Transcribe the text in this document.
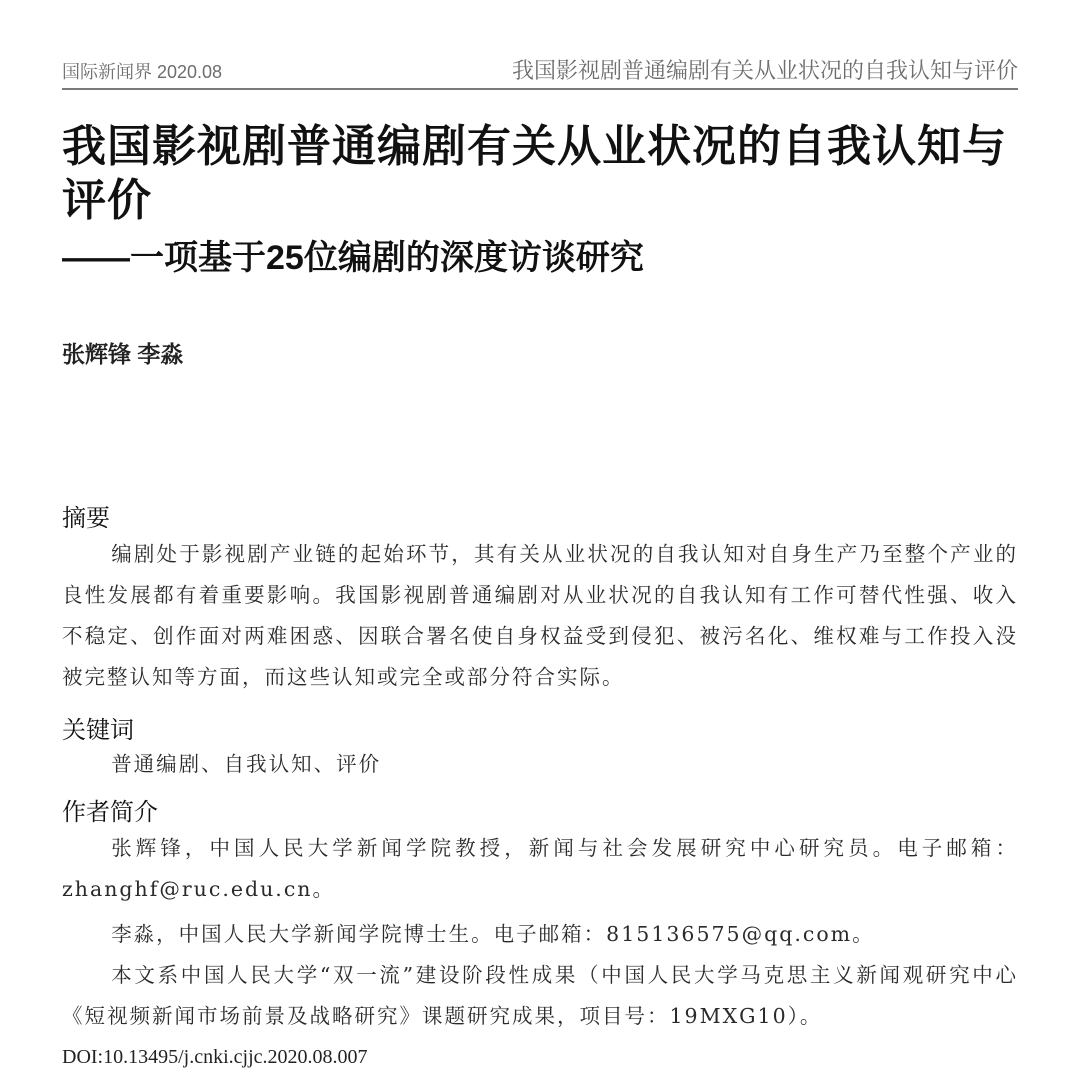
国际新闻界 2020.08	我国影视剧普通编剧有关从业状况的自我认知与评价
我国影视剧普通编剧有关从业状况的自我认知与评价
——一项基于25位编剧的深度访谈研究
张辉锋 李淼
摘要
编剧处于影视剧产业链的起始环节，其有关从业状况的自我认知对自身生产乃至整个产业的良性发展都有着重要影响。我国影视剧普通编剧对从业状况的自我认知有工作可替代性强、收入不稳定、创作面对两难困惑、因联合署名使自身权益受到侵犯、被污名化、维权难与工作投入没被完整认知等方面，而这些认知或完全或部分符合实际。
关键词
普通编剧、自我认知、评价
作者简介
张辉锋，中国人民大学新闻学院教授，新闻与社会发展研究中心研究员。电子邮箱：zhanghf@ruc.edu.cn。
李淼，中国人民大学新闻学院博士生。电子邮箱：815136575@qq.com。
本文系中国人民大学“双一流”建设阶段性成果（中国人民大学马克思主义新闻观研究中心《短视频新闻市场前景及战略研究》课题研究成果，项目号：19MXG10）。
DOI:10.13495/j.cnki.cjjc.2020.08.007
